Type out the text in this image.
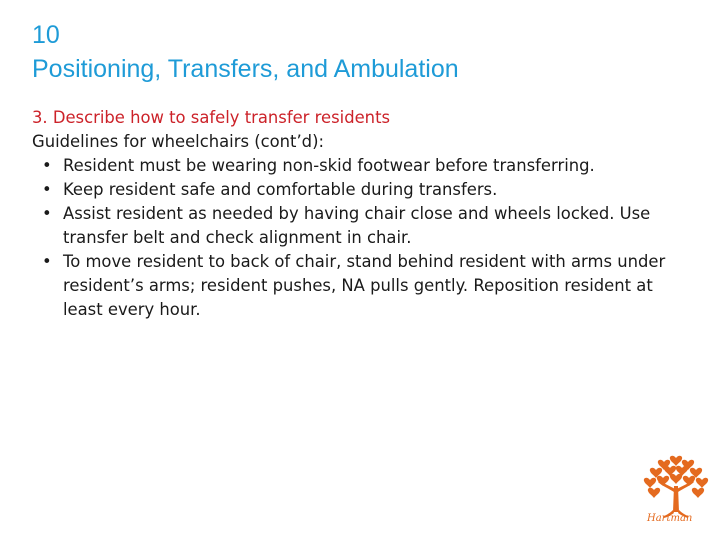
10
Positioning, Transfers, and Ambulation

3. Describe how to safely transfer residents

Guidelines for wheelchairs (cont’d):

• Resident must be wearing non-skid footwear before transferring.
• Keep resident safe and comfortable during transfers.
• Assist resident as needed by having chair close and wheels locked. Use transfer belt and check alignment in chair.
• To move resident to back of chair, stand behind resident with arms under resident’s arms; resident pushes, NA pulls gently. Reposition resident at least every hour.
Hartman
